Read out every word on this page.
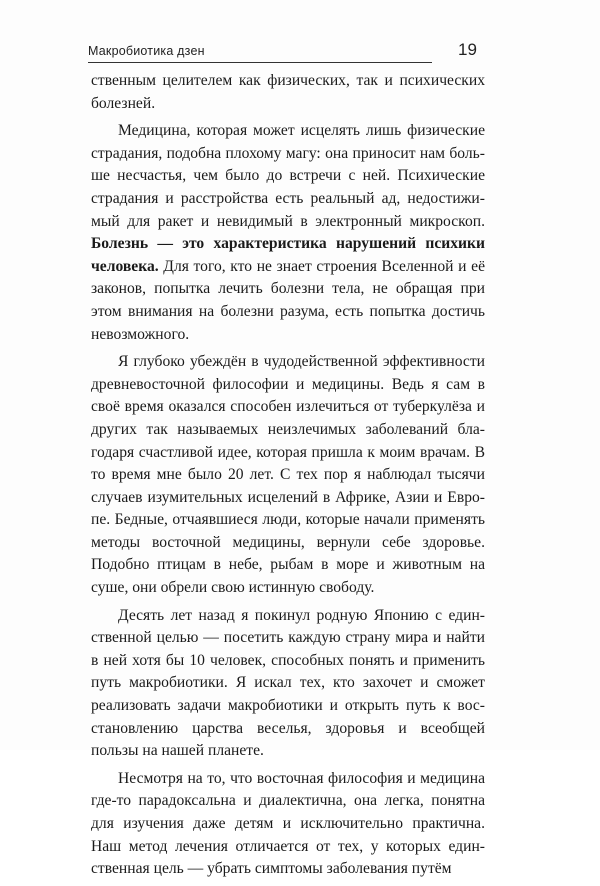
Макробиотика дзен	19

ственным целителем как физических, так и психических болезней.

Медицина, которая может исцелять лишь физические страдания, подобна плохому магу: она приносит нам больше несчастья, чем было до встречи с ней. Психические страдания и расстройства есть реальный ад, недостижимый для ракет и невидимый в электронный микроскоп. Болезнь — это характеристика нарушений психики человека. Для того, кто не знает строения Вселенной и её законов, попытка лечить болезни тела, не обращая при этом внимания на болезни разума, есть попытка достичь невозможного.

Я глубоко убеждён в чудодейственной эффективности древневосточной философии и медицины. Ведь я сам в своё время оказался способен излечиться от туберкулёза и других так называемых неизлечимых заболеваний благодаря счастливой идее, которая пришла к моим врачам. В то время мне было 20 лет. С тех пор я наблюдал тысячи случаев изумительных исцелений в Африке, Азии и Европе. Бедные, отчаявшиеся люди, которые начали применять методы восточной медицины, вернули себе здоровье. Подобно птицам в небе, рыбам в море и животным на суше, они обрели свою истинную свободу.

Десять лет назад я покинул родную Японию с единственной целью — посетить каждую страну мира и найти в ней хотя бы 10 человек, способных понять и применить путь макробиотики. Я искал тех, кто захочет и сможет реализовать задачи макробиотики и открыть путь к восстановлению царства веселья, здоровья и всеобщей пользы на нашей планете.

Несмотря на то, что восточная философия и медицина где-то парадоксальна и диалектична, она легка, понятна для изучения даже детям и исключительно практична. Наш метод лечения отличается от тех, у которых единственная цель — убрать симптомы заболевания путём
